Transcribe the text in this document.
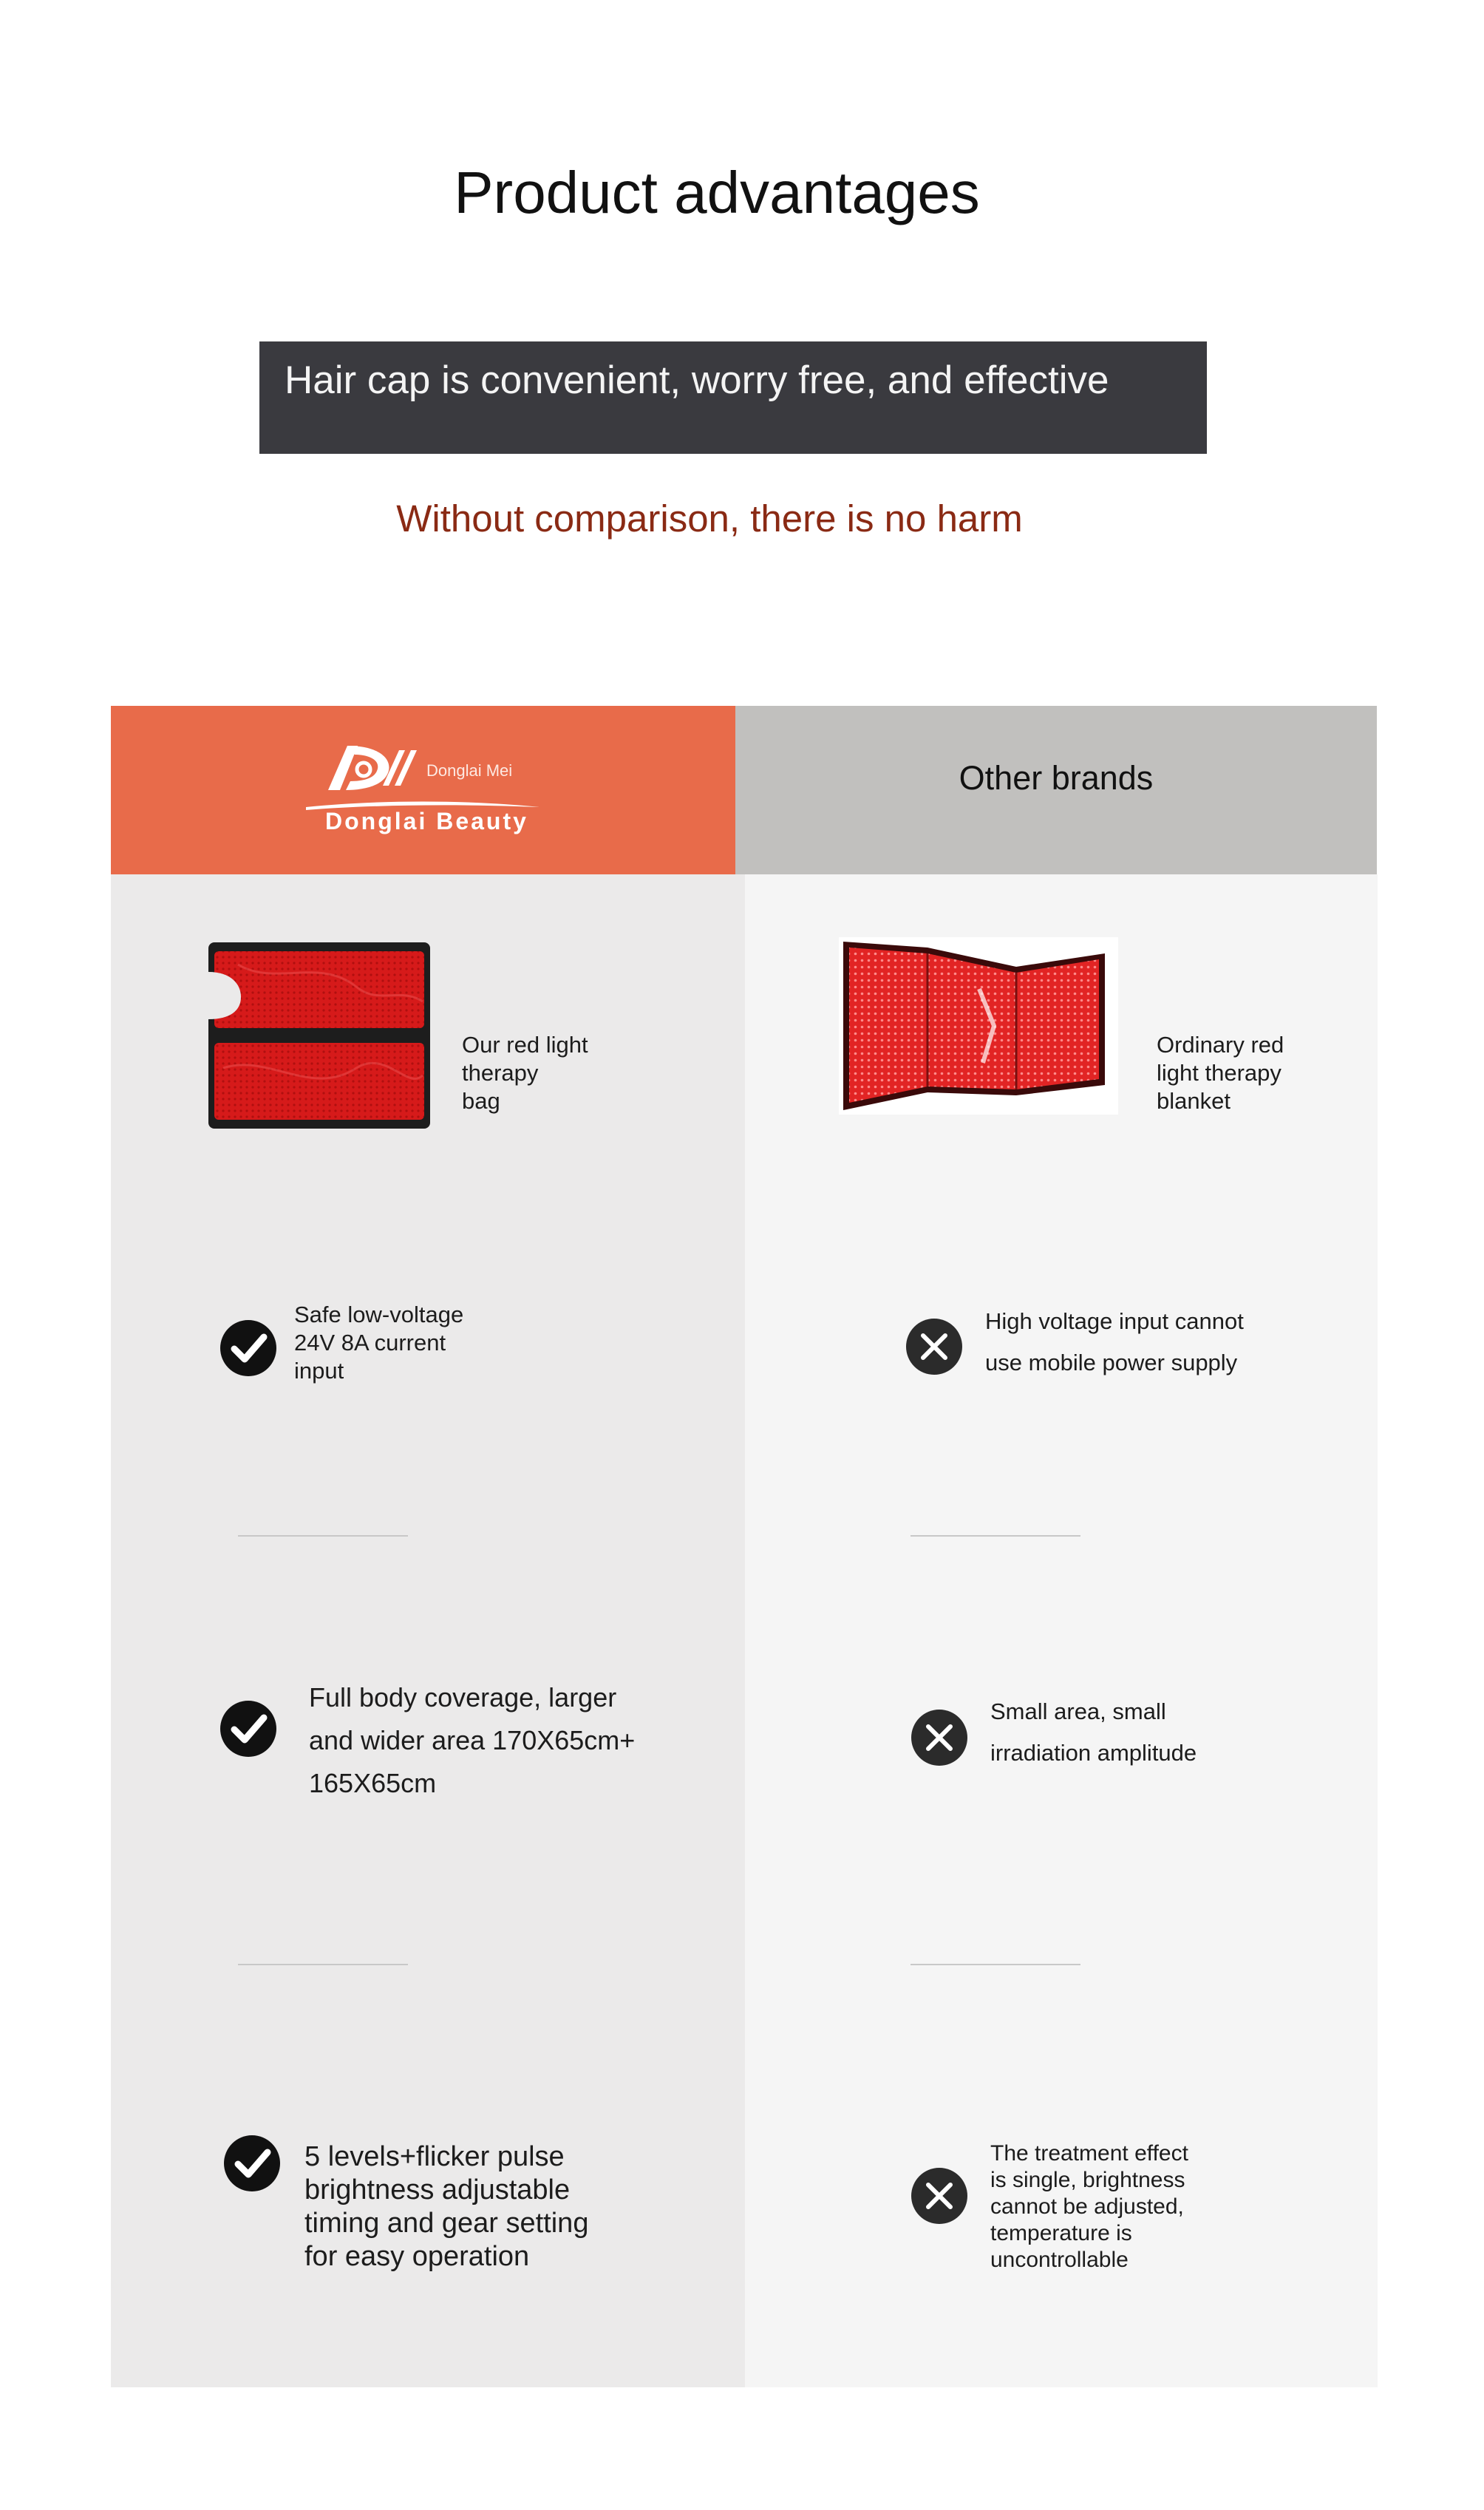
Product advantages
Hair cap is convenient, worry free, and effective
Without comparison, there is no harm
Other brands
Donglai Mei
Donglai Beauty
Our red light
therapy
bag
Ordinary red
light therapy
blanket
Safe low-voltage
24V 8A current
input
High voltage input cannot
use mobile power supply
Full body coverage, larger
and wider area 170X65cm+
165X65cm
Small area, small
irradiation amplitude
5 levels+flicker pulse
brightness adjustable
timing and gear setting
for easy operation
The treatment effect
is single, brightness
cannot be adjusted,
temperature is
uncontrollable
